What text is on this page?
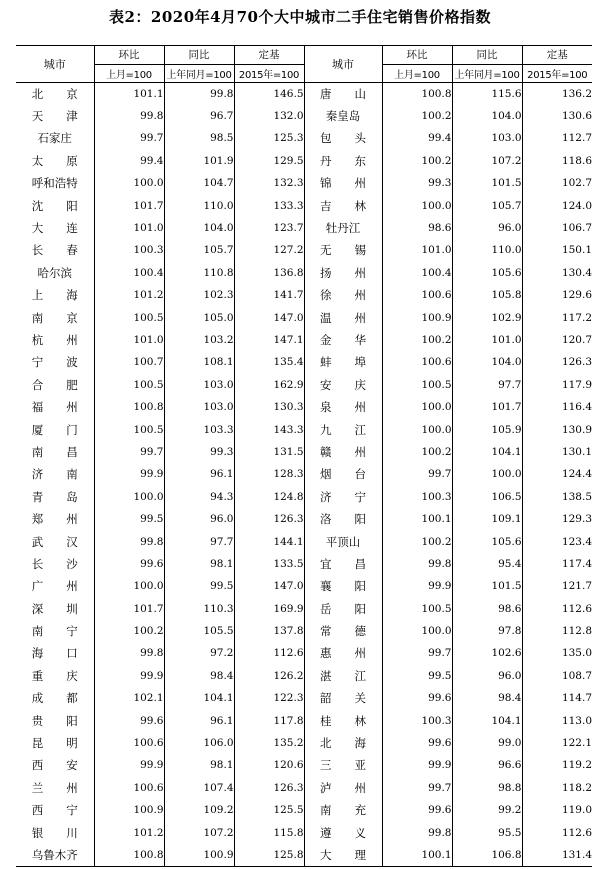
表2：2020年4月70个大中城市二手住宅销售价格指数
城市	环比	同比	定基	城市	环比	同比	定基
	上月=100	上年同月=100	2015年=100		上月=100	上年同月=100	2015年=100
北　　京	101.1	99.8	146.5	唐　　山	100.8	115.6	136.2
天　　津	99.8	96.7	132.0	秦皇岛	100.2	104.0	130.6
石家庄	99.7	98.5	125.3	包　　头	99.4	103.0	112.7
太　　原	99.4	101.9	129.5	丹　　东	100.2	107.2	118.6
呼和浩特	100.0	104.7	132.3	锦　　州	99.3	101.5	102.7
沈　　阳	101.7	110.0	133.3	吉　　林	100.0	105.7	124.0
大　　连	101.0	104.0	123.7	牡丹江	98.6	96.0	106.7
长　　春	100.3	105.7	127.2	无　　锡	101.0	110.0	150.1
哈尔滨	100.4	110.8	136.8	扬　　州	100.4	105.6	130.4
上　　海	101.2	102.3	141.7	徐　　州	100.6	105.8	129.6
南　　京	100.5	105.0	147.0	温　　州	100.9	102.9	117.2
杭　　州	101.0	103.2	147.1	金　　华	100.2	101.0	120.7
宁　　波	100.7	108.1	135.4	蚌　　埠	100.6	104.0	126.3
合　　肥	100.5	103.0	162.9	安　　庆	100.5	97.7	117.9
福　　州	100.8	103.0	130.3	泉　　州	100.0	101.7	116.4
厦　　门	100.5	103.3	143.3	九　　江	100.0	105.9	130.9
南　　昌	99.7	99.3	131.5	赣　　州	100.2	104.1	130.1
济　　南	99.9	96.1	128.3	烟　　台	99.7	100.0	124.4
青　　岛	100.0	94.3	124.8	济　　宁	100.3	106.5	138.5
郑　　州	99.5	96.0	126.3	洛　　阳	100.1	109.1	129.3
武　　汉	99.8	97.7	144.1	平顶山	100.2	105.6	123.4
长　　沙	99.6	98.1	133.5	宜　　昌	99.8	95.4	117.4
广　　州	100.0	99.5	147.0	襄　　阳	99.9	101.5	121.7
深　　圳	101.7	110.3	169.9	岳　　阳	100.5	98.6	112.6
南　　宁	100.2	105.5	137.8	常　　德	100.0	97.8	112.8
海　　口	99.8	97.2	112.6	惠　　州	99.7	102.6	135.0
重　　庆	99.9	98.4	126.2	湛　　江	99.5	96.0	108.7
成　　都	102.1	104.1	122.3	韶　　关	99.6	98.4	114.7
贵　　阳	99.6	96.1	117.8	桂　　林	100.3	104.1	113.0
昆　　明	100.6	106.0	135.2	北　　海	99.6	99.0	122.1
西　　安	99.9	98.1	120.6	三　　亚	99.9	96.6	119.2
兰　　州	100.6	107.4	126.3	泸　　州	99.7	98.8	118.2
西　　宁	100.9	109.2	125.5	南　　充	99.6	99.2	119.0
银　　川	101.2	107.2	115.8	遵　　义	99.8	95.5	112.6
乌鲁木齐	100.8	100.9	125.8	大　　理	100.1	106.8	131.4
